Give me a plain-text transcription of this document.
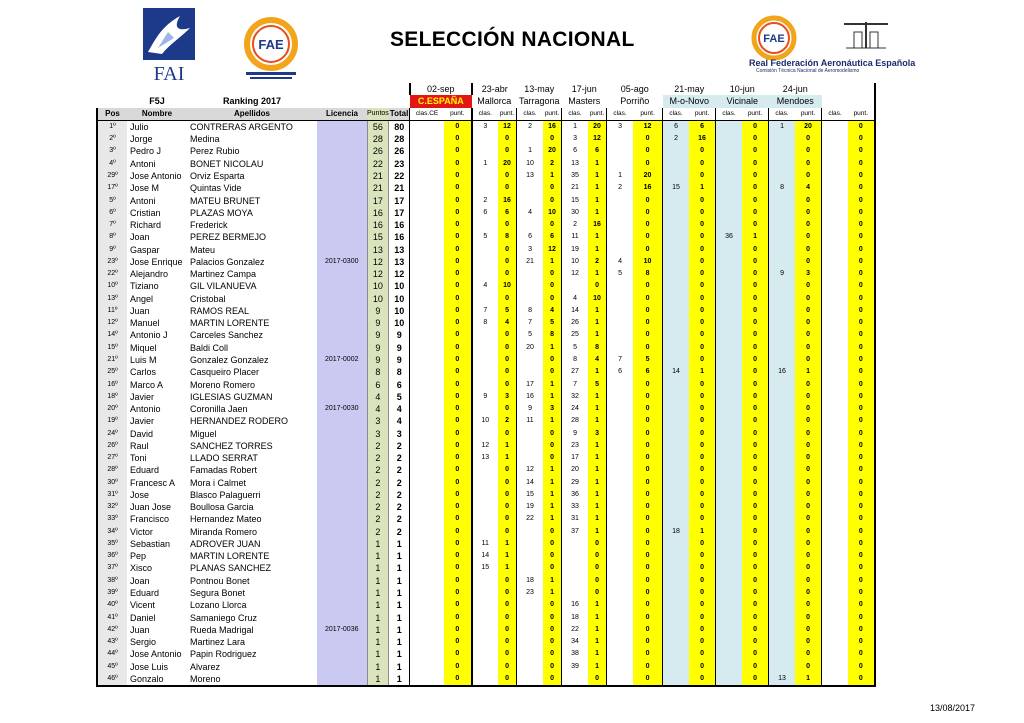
FAI
FAE	FAE
SELECCIÓN NACIONAL
Real Federación Aeronáutica Española
Comisión Técnica Nacional de Aeromodelismo
						02-sep		23-abr		13-may		17-jun		05-ago		21-may		10-jun		24-jun			
	F5J	Ranking 2017				C.ESPAÑA		Mallorca		Tarragona		Masters		Porriño		M-o-Novo		Vicinale		Mendoes			
Pos	Nombre	Apellidos	Licencia	Puntos	Total	clas.CE	punt.	clas.	punt.	clas.	punt.	clas.	punt.	clas.	punt.	clas.	punt.	clas.	punt.	clas.	punt.	clas.	punt.
1º	Julio	CONTRERAS ARGENTO		56	80		0	3	12	2	16	1	20	3	12	6	6		0	1	20		0
2º	Jorge	Medina		28	28		0		0		0	3	12		0	2	16		0		0		0
3º	Pedro J	Perez Rubio		26	26		0		0	1	20	6	6		0		0		0		0		0
4º	Antoni	BONET NICOLAU		22	23		0	1	20	10	2	13	1		0		0		0		0		0
29º	Jose Antonio	Orviz Esparta		21	22		0		0	13	1	35	1	1	20		0		0		0		0
17º	Jose M	Quintas Vide		21	21		0		0		0	21	1	2	16	15	1		0	8	4		0
5º	Antoni	MATEU BRUNET		17	17		0	2	16		0	15	1		0		0		0		0		0
6º	Cristian	PLAZAS MOYA		16	17		0	6	6	4	10	30	1		0		0		0		0		0
7º	Richard	Frederick		16	16		0		0		0	2	16		0		0		0		0		0
8º	Joan	PEREZ BERMEJO		15	16		0	5	8	6	6	11	1		0		0	36	1		0		0
9º	Gaspar	Mateu		13	13		0		0	3	12	19	1		0		0		0		0		0
23º	Jose Enrique	Palacios Gonzalez	2017-0300	12	13		0		0	21	1	10	2	4	10		0		0		0		0
22º	Alejandro	Martinez Campa		12	12		0		0		0	12	1	5	8		0		0	9	3		0
10º	Tiziano	GIL VILANUEVA		10	10		0	4	10		0		0		0		0		0		0		0
13º	Angel	Cristobal		10	10		0		0		0	4	10		0		0		0		0		0
11º	Juan	RAMOS REAL		9	10		0	7	5	8	4	14	1		0		0		0		0		0
12º	Manuel	MARTIN LORENTE		9	10		0	8	4	7	5	26	1		0		0		0		0		0
14º	Antonio J	Carceles Sanchez		9	9		0		0	5	8	25	1		0		0		0		0		0
15º	Miquel	Baldi Coll		9	9		0		0	20	1	5	8		0		0		0		0		0
21º	Luis M	Gonzalez Gonzalez	2017-0002	9	9		0		0		0	8	4	7	5		0		0		0		0
25º	Carlos	Casqueiro Placer		8	8		0		0		0	27	1	6	6	14	1		0	16	1		0
16º	Marco A	Moreno Romero		6	6		0		0	17	1	7	5		0		0		0		0		0
18º	Javier	IGLESIAS GUZMAN		4	5		0	9	3	16	1	32	1		0		0		0		0		0
20º	Antonio	Coronilla Jaen	2017-0030	4	4		0		0	9	3	24	1		0		0		0		0		0
19º	Javier	HERNANDEZ RODERO		3	4		0	10	2	11	1	28	1		0		0		0		0		0
24º	David	Miguel		3	3		0		0		0	9	3		0		0		0		0		0
26º	Raul	SANCHEZ TORRES		2	2		0	12	1		0	23	1		0		0		0		0		0
27º	Toni	LLADO SERRAT		2	2		0	13	1		0	17	1		0		0		0		0		0
28º	Eduard	Famadas Robert		2	2		0		0	12	1	20	1		0		0		0		0		0
30º	Francesc A	Mora i Calmet		2	2		0		0	14	1	29	1		0		0		0		0		0
31º	Jose	Blasco Palaguerri		2	2		0		0	15	1	36	1		0		0		0		0		0
32º	Juan Jose	Boullosa Garcia		2	2		0		0	19	1	33	1		0		0		0		0		0
33º	Francisco	Hernandez Mateo		2	2		0		0	22	1	31	1		0		0		0		0		0
34º	Victor	Miranda Romero		2	2		0		0		0	37	1		0	18	1		0		0		0
35º	Sebastian	ADROVER JUAN		1	1		0	11	1		0		0		0		0		0		0		0
36º	Pep	MARTIN LORENTE		1	1		0	14	1		0		0		0		0		0		0		0
37º	Xisco	PLANAS SANCHEZ		1	1		0	15	1		0		0		0		0		0		0		0
38º	Joan	Pontnou Bonet		1	1		0		0	18	1		0		0		0		0		0		0
39º	Eduard	Segura Bonet		1	1		0		0	23	1		0		0		0		0		0		0
40º	Vicent	Lozano Llorca		1	1		0		0		0	16	1		0		0		0		0		0
41º	Daniel	Samaniego Cruz		1	1		0		0		0	18	1		0		0		0		0		0
42º	Juan	Rueda Madrigal	2017-0036	1	1		0		0		0	22	1		0		0		0		0		0
43º	Sergio	Martinez Lara		1	1		0		0		0	34	1		0		0		0		0		0
44º	Jose Antonio	Papin Rodriguez		1	1		0		0		0	38	1		0		0		0		0		0
45º	Jose Luis	Alvarez		1	1		0		0		0	39	1		0		0		0		0		0
46º	Gonzalo	Moreno		1	1		0		0		0		0		0		0		0	13	1		0
13/08/2017
